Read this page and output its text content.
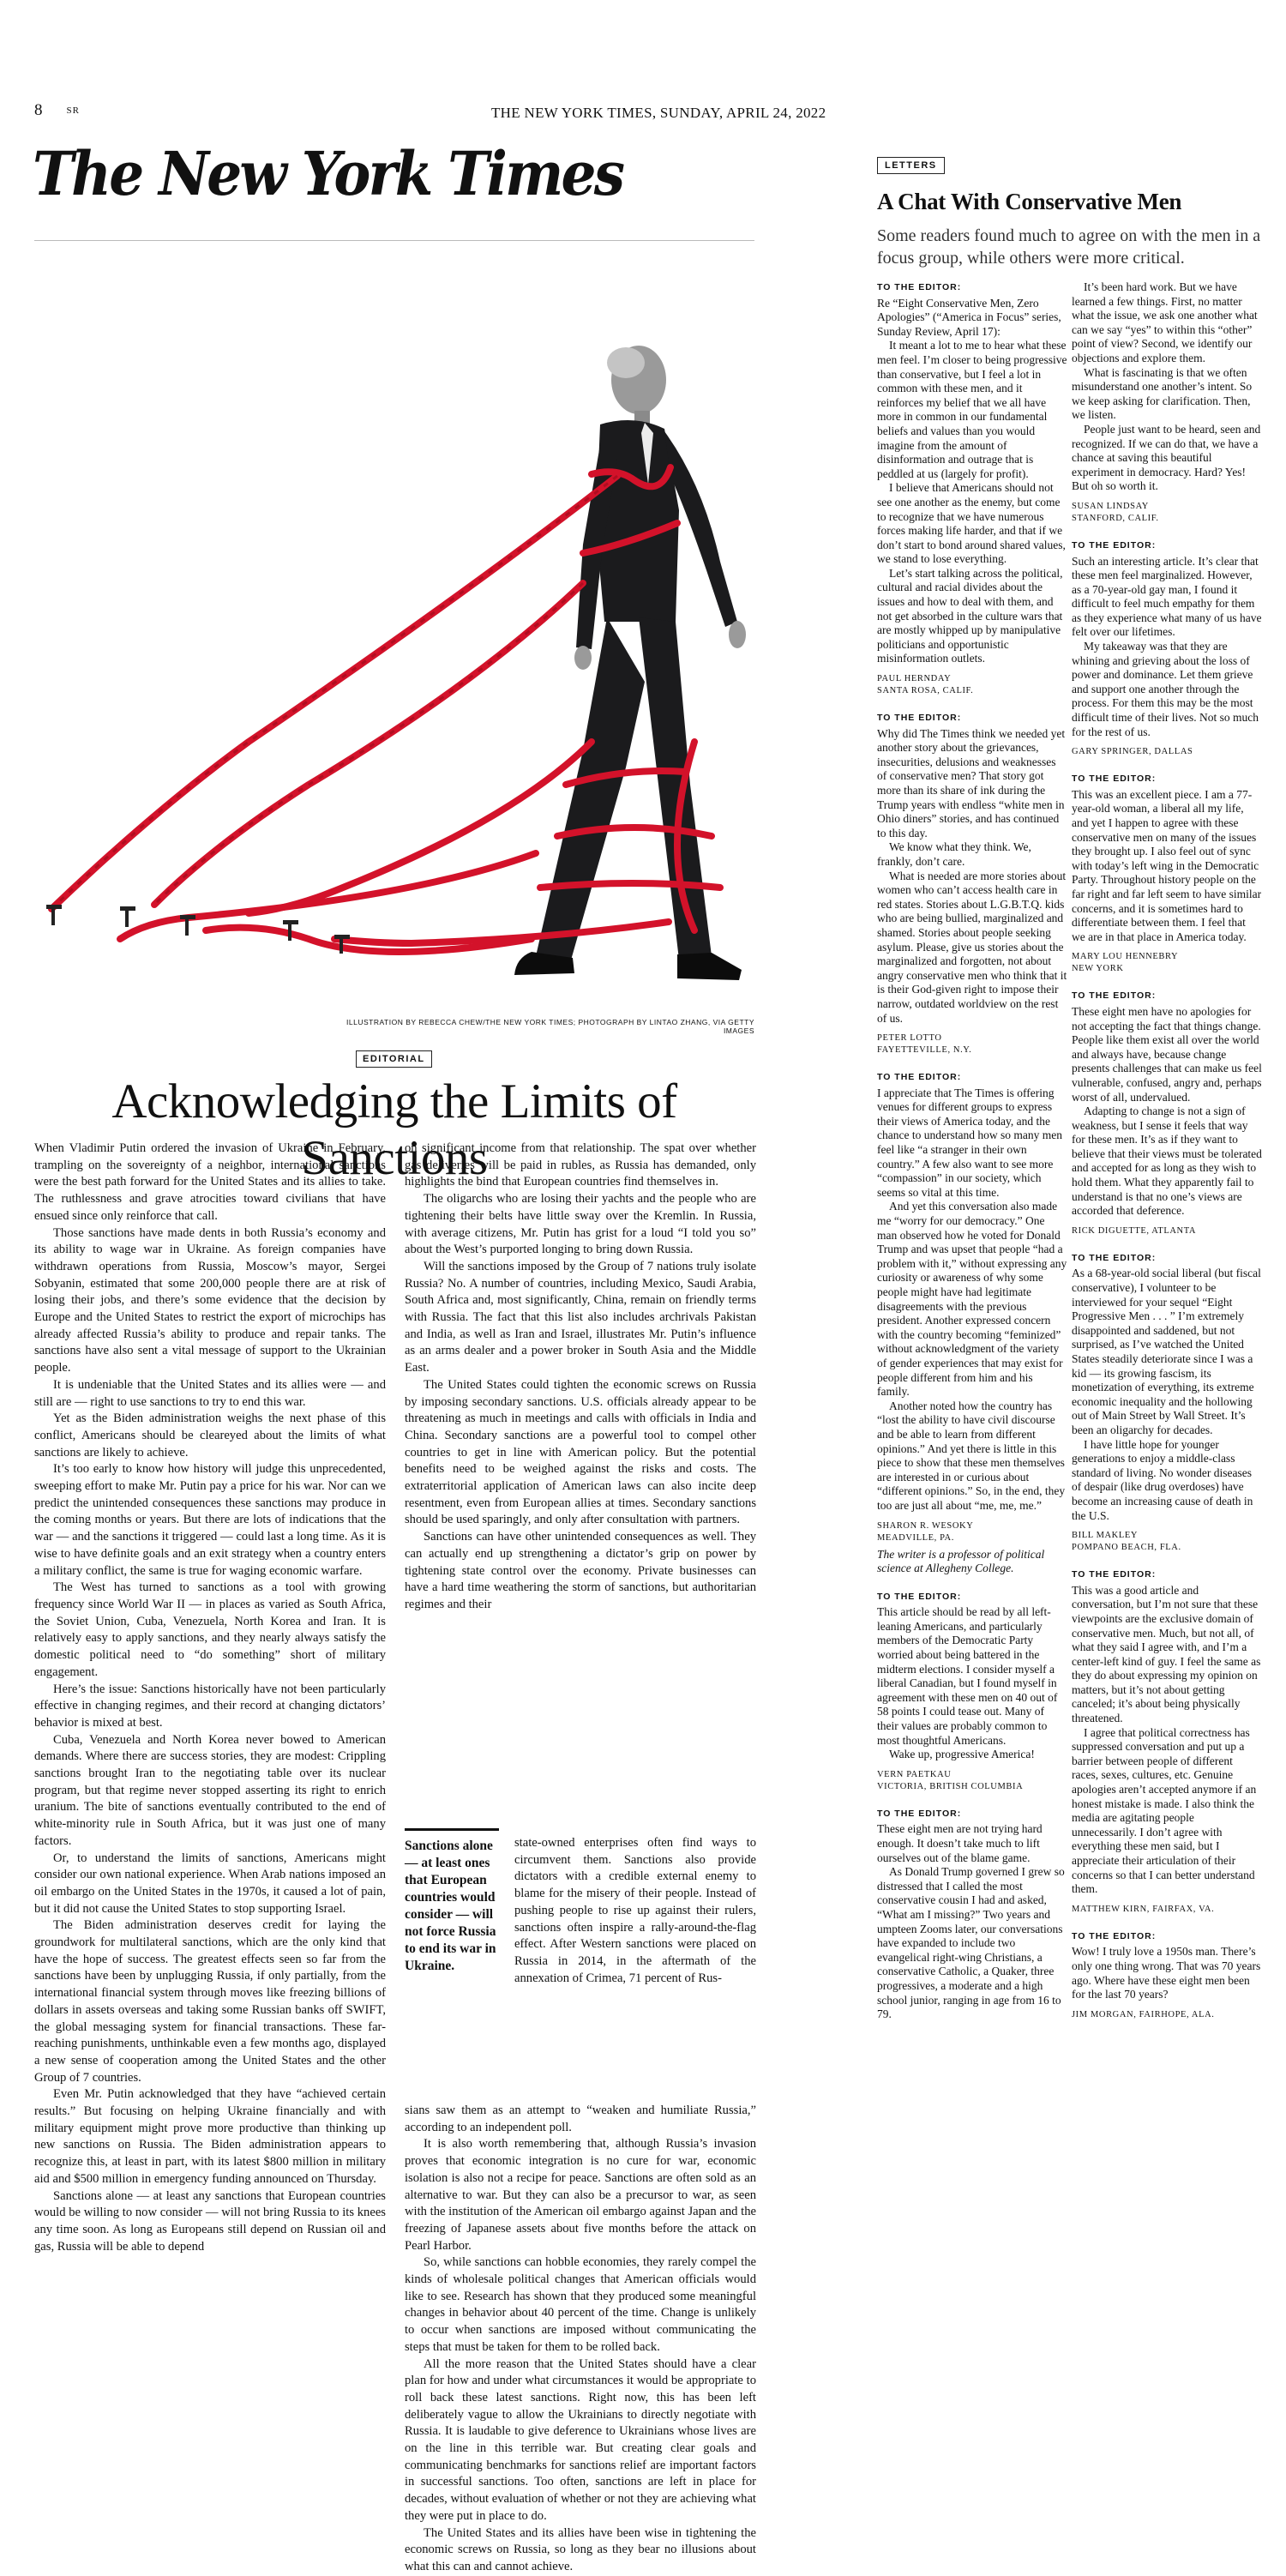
8	SR	THE NEW YORK TIMES, SUNDAY, APRIL 24, 2022
The New York Times
ILLUSTRATION BY REBECCA CHEW/THE NEW YORK TIMES; PHOTOGRAPH BY LINTAO ZHANG, VIA GETTY IMAGES
EDITORIAL
Acknowledging the Limits of Sanctions

When Vladimir Putin ordered the invasion of Ukraine in February, trampling on the sovereignty of a neighbor, international sanctions were the best path forward for the United States and its allies to take. The ruthlessness and grave atrocities toward civilians that have ensued since only reinforce that call.

Those sanctions have made dents in both Russia’s economy and its ability to wage war in Ukraine. As foreign companies have withdrawn operations from Russia, Moscow’s mayor, Sergei Sobyanin, estimated that some 200,000 people there are at risk of losing their jobs, and there’s some evidence that the decision by Europe and the United States to restrict the export of microchips has already affected Russia’s ability to produce and repair tanks. The sanctions have also sent a vital message of support to the Ukrainian people.

It is undeniable that the United States and its allies were — and still are — right to use sanctions to try to end this war.

Yet as the Biden administration weighs the next phase of this conflict, Americans should be cleareyed about the limits of what sanctions are likely to achieve.

It’s too early to know how history will judge this unprecedented, sweeping effort to make Mr. Putin pay a price for his war. Nor can we predict the unintended consequences these sanctions may produce in the coming months or years. But there are lots of indications that the war — and the sanctions it triggered — could last a long time. As it is wise to have definite goals and an exit strategy when a country enters a military conflict, the same is true for waging economic warfare.

The West has turned to sanctions as a tool with growing frequency since World War II — in places as varied as South Africa, the Soviet Union, Cuba, Venezuela, North Korea and Iran. It is relatively easy to apply sanctions, and they nearly always satisfy the domestic political need to “do something” short of military engagement.

Here’s the issue: Sanctions historically have not been particularly effective in changing regimes, and their record at changing dictators’ behavior is mixed at best.

Cuba, Venezuela and North Korea never bowed to American demands. Where there are success stories, they are modest: Crippling sanctions brought Iran to the negotiating table over its nuclear program, but that regime never stopped asserting its right to enrich uranium. The bite of sanctions eventually contributed to the end of white-minority rule in South Africa, but it was just one of many factors.

Or, to understand the limits of sanctions, Americans might consider our own national experience. When Arab nations imposed an oil embargo on the United States in the 1970s, it caused a lot of pain, but it did not cause the United States to stop supporting Israel.

The Biden administration deserves credit for laying the groundwork for multilateral sanctions, which are the only kind that have the hope of success. The greatest effects seen so far from the sanctions have been by unplugging Russia, if only partially, from the international financial system through moves like freezing billions of dollars in assets overseas and taking some Russian banks off SWIFT, the global messaging system for financial transactions. These far-reaching punishments, unthinkable even a few months ago, displayed a new sense of cooperation among the United States and the other Group of 7 countries.

Even Mr. Putin acknowledged that they have “achieved certain results.” But focusing on helping Ukraine financially and with military equipment might prove more productive than thinking up new sanctions on Russia. The Biden administration appears to recognize this, at least in part, with its latest $800 million in military aid and $500 million in emergency funding announced on Thursday.

Sanctions alone — at least any sanctions that European countries would be willing to now consider — will not bring Russia to its knees any time soon. As long as Europeans still depend on Russian oil and gas, Russia will be able to depend

on significant income from that relationship. The spat over whether gas deliveries will be paid in rubles, as Russia has demanded, only highlights the bind that European countries find themselves in.

The oligarchs who are losing their yachts and the people who are tightening their belts have little sway over the Kremlin. In Russia, with average citizens, Mr. Putin has grist for a loud “I told you so” about the West’s purported longing to bring down Russia.

Will the sanctions imposed by the Group of 7 nations truly isolate Russia? No. A number of countries, including Mexico, Saudi Arabia, South Africa and, most significantly, China, remain on friendly terms with Russia. The fact that this list also includes archrivals Pakistan and India, as well as Iran and Israel, illustrates Mr. Putin’s influence as an arms dealer and a power broker in South Asia and the Middle East.

The United States could tighten the economic screws on Russia by imposing secondary sanctions. U.S. officials already appear to be threatening as much in meetings and calls with officials in India and China. Secondary sanctions are a powerful tool to compel other countries to get in line with American policy. But the potential benefits need to be weighed against the risks and costs. The extraterritorial application of American laws can also incite deep resentment, even from European allies at times. Secondary sanctions should be used sparingly, and only after consultation with partners.

Sanctions can have other unintended consequences as well. They can actually end up strengthening a dictator’s grip on power by tightening state control over the economy. Private businesses can have a hard time weathering the storm of sanctions, but authoritarian regimes and their

Sanctions alone — at least ones that European countries would consider — will not force Russia to end its war in Ukraine.

state-owned enterprises often find ways to circumvent them. Sanctions also provide dictators with a credible external enemy to blame for the misery of their people. Instead of pushing people to rise up against their rulers, sanctions often inspire a rally-around-the-flag effect. After Western sanctions were placed on Russia in 2014, in the aftermath of the annexation of Crimea, 71 percent of Rus-

sians saw them as an attempt to “weaken and humiliate Russia,” according to an independent poll.

It is also worth remembering that, although Russia’s invasion proves that economic integration is no cure for war, economic isolation is also not a recipe for peace. Sanctions are often sold as an alternative to war. But they can also be a precursor to war, as seen with the institution of the American oil embargo against Japan and the freezing of Japanese assets about five months before the attack on Pearl Harbor.

So, while sanctions can hobble economies, they rarely compel the kinds of wholesale political changes that American officials would like to see. Research has shown that they produced some meaningful changes in behavior about 40 percent of the time. Change is unlikely to occur when sanctions are imposed without communicating the steps that must be taken for them to be rolled back.

All the more reason that the United States should have a clear plan for how and under what circumstances it would be appropriate to roll back these latest sanctions. Right now, this has been left deliberately vague to allow the Ukrainians to directly negotiate with Russia. It is laudable to give deference to Ukrainians whose lives are on the line in this terrible war. But creating clear goals and communicating benchmarks for sanctions relief are important factors in successful sanctions. Too often, sanctions are left in place for decades, without evaluation of whether or not they are achieving what they were put in place to do.

The United States and its allies have been wise in tightening the economic screws on Russia, so long as they bear no illusions about what this can and cannot achieve.

LETTERS
A Chat With Conservative Men
Some readers found much to agree on with the men in a focus group, while others were more critical.
TO THE EDITOR:

Re “Eight Conservative Men, Zero Apologies” (“America in Focus” series, Sunday Review, April 17):

It meant a lot to me to hear what these men feel. I’m closer to being progressive than conservative, but I feel a lot in common with these men, and it reinforces my belief that we all have more in common in our fundamental beliefs and values than you would imagine from the amount of disinformation and outrage that is peddled at us (largely for profit).

I believe that Americans should not see one another as the enemy, but come to recognize that we have numerous forces making life harder, and that if we don’t start to bond around shared values, we stand to lose everything.

Let’s start talking across the political, cultural and racial divides about the issues and how to deal with them, and not get absorbed in the culture wars that are mostly whipped up by manipulative politicians and opportunistic misinformation outlets.

PAUL HERNDAY
SANTA ROSA, CALIF.
TO THE EDITOR:

Why did The Times think we needed yet another story about the grievances, insecurities, delusions and weaknesses of conservative men? That story got more than its share of ink during the Trump years with endless “white men in Ohio diners” stories, and has continued to this day.

We know what they think. We, frankly, don’t care.

What is needed are more stories about women who can’t access health care in red states. Stories about L.G.B.T.Q. kids who are being bullied, marginalized and shamed. Stories about people seeking asylum. Please, give us stories about the marginalized and forgotten, not about angry conservative men who think that it is their God-given right to impose their narrow, outdated worldview on the rest of us.

PETER LOTTO
FAYETTEVILLE, N.Y.
TO THE EDITOR:

I appreciate that The Times is offering venues for different groups to express their views of America today, and the chance to understand how so many men feel like “a stranger in their own country.” A few also want to see more “compassion” in our society, which seems so vital at this time.

And yet this conversation also made me “worry for our democracy.” One man observed how he voted for Donald Trump and was upset that people “had a problem with it,” without expressing any curiosity or awareness of why some people might have had legitimate disagreements with the previous president. Another expressed concern with the country becoming “feminized” without acknowledgment of the variety of gender experiences that may exist for people different from him and his family.

Another noted how the country has “lost the ability to have civil discourse and be able to learn from different opinions.” And yet there is little in this piece to show that these men themselves are interested in or curious about “different opinions.” So, in the end, they too are just all about “me, me, me.”

SHARON R. WESOKY
MEADVILLE, PA.
The writer is a professor of political science at Allegheny College.
TO THE EDITOR:

This article should be read by all left-leaning Americans, and particularly members of the Democratic Party worried about being battered in the midterm elections. I consider myself a liberal Canadian, but I found myself in agreement with these men on 40 out of 58 points I could tease out. Many of their values are probably common to most thoughtful Americans.

Wake up, progressive America!

VERN PAETKAU
VICTORIA, BRITISH COLUMBIA
TO THE EDITOR:

These eight men are not trying hard enough. It doesn’t take much to lift ourselves out of the blame game.

As Donald Trump governed I grew so distressed that I called the most conservative cousin I had and asked, “What am I missing?” Two years and umpteen Zooms later, our conversations have expanded to include two evangelical right-wing Christians, a conservative Catholic, a Quaker, three progressives, a moderate and a high school junior, ranging in age from 16 to 79.

It’s been hard work. But we have learned a few things. First, no matter what the issue, we ask one another what can we say “yes” to within this “other” point of view? Second, we identify our objections and explore them.

What is fascinating is that we often misunderstand one another’s intent. So we keep asking for clarification. Then, we listen.

People just want to be heard, seen and recognized. If we can do that, we have a chance at saving this beautiful experiment in democracy. Hard? Yes! But oh so worth it.

SUSAN LINDSAY
STANFORD, CALIF.
TO THE EDITOR:

Such an interesting article. It’s clear that these men feel marginalized. However, as a 70-year-old gay man, I found it difficult to feel much empathy for them as they experience what many of us have felt over our lifetimes.

My takeaway was that they are whining and grieving about the loss of power and dominance. Let them grieve and support one another through the process. For them this may be the most difficult time of their lives. Not so much for the rest of us.

GARY SPRINGER, DALLAS
TO THE EDITOR:

This was an excellent piece. I am a 77-year-old woman, a liberal all my life, and yet I happen to agree with these conservative men on many of the issues they brought up. I also feel out of sync with today’s left wing in the Democratic Party. Throughout history people on the far right and far left seem to have similar concerns, and it is sometimes hard to differentiate between them. I feel that we are in that place in America today.

MARY LOU HENNEBRY
NEW YORK
TO THE EDITOR:

These eight men have no apologies for not accepting the fact that things change. People like them exist all over the world and always have, because change presents challenges that can make us feel vulnerable, confused, angry and, perhaps worst of all, undervalued.

Adapting to change is not a sign of weakness, but I sense it feels that way for these men. It’s as if they want to believe that their views must be tolerated and accepted for as long as they wish to hold them. What they apparently fail to understand is that no one’s views are accorded that deference.

RICK DIGUETTE, ATLANTA
TO THE EDITOR:

As a 68-year-old social liberal (but fiscal conservative), I volunteer to be interviewed for your sequel “Eight Progressive Men . . . ” I’m extremely disappointed and saddened, but not surprised, as I’ve watched the United States steadily deteriorate since I was a kid — its growing fascism, its monetization of everything, its extreme economic inequality and the hollowing out of Main Street by Wall Street. It’s been an oligarchy for decades.

I have little hope for younger generations to enjoy a middle-class standard of living. No wonder diseases of despair (like drug overdoses) have become an increasing cause of death in the U.S.

BILL MAKLEY
POMPANO BEACH, FLA.
TO THE EDITOR:

This was a good article and conversation, but I’m not sure that these viewpoints are the exclusive domain of conservative men. Much, but not all, of what they said I agree with, and I’m a center-left kind of guy. I feel the same as they do about expressing my opinion on matters, but it’s not about getting canceled; it’s about being physically threatened.

I agree that political correctness has suppressed conversation and put up a barrier between people of different races, sexes, cultures, etc. Genuine apologies aren’t accepted anymore if an honest mistake is made. I also think the media are agitating people unnecessarily. I don’t agree with everything these men said, but I appreciate their articulation of their concerns so that I can better understand them.

MATTHEW KIRN, FAIRFAX, VA.
TO THE EDITOR:

Wow! I truly love a 1950s man. There’s only one thing wrong. That was 70 years ago. Where have these eight men been for the last 70 years?

JIM MORGAN, FAIRHOPE, ALA.
